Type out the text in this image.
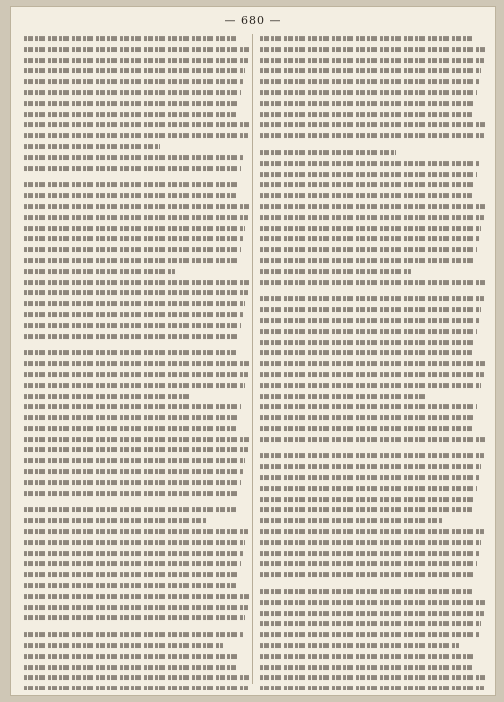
— 680 —
